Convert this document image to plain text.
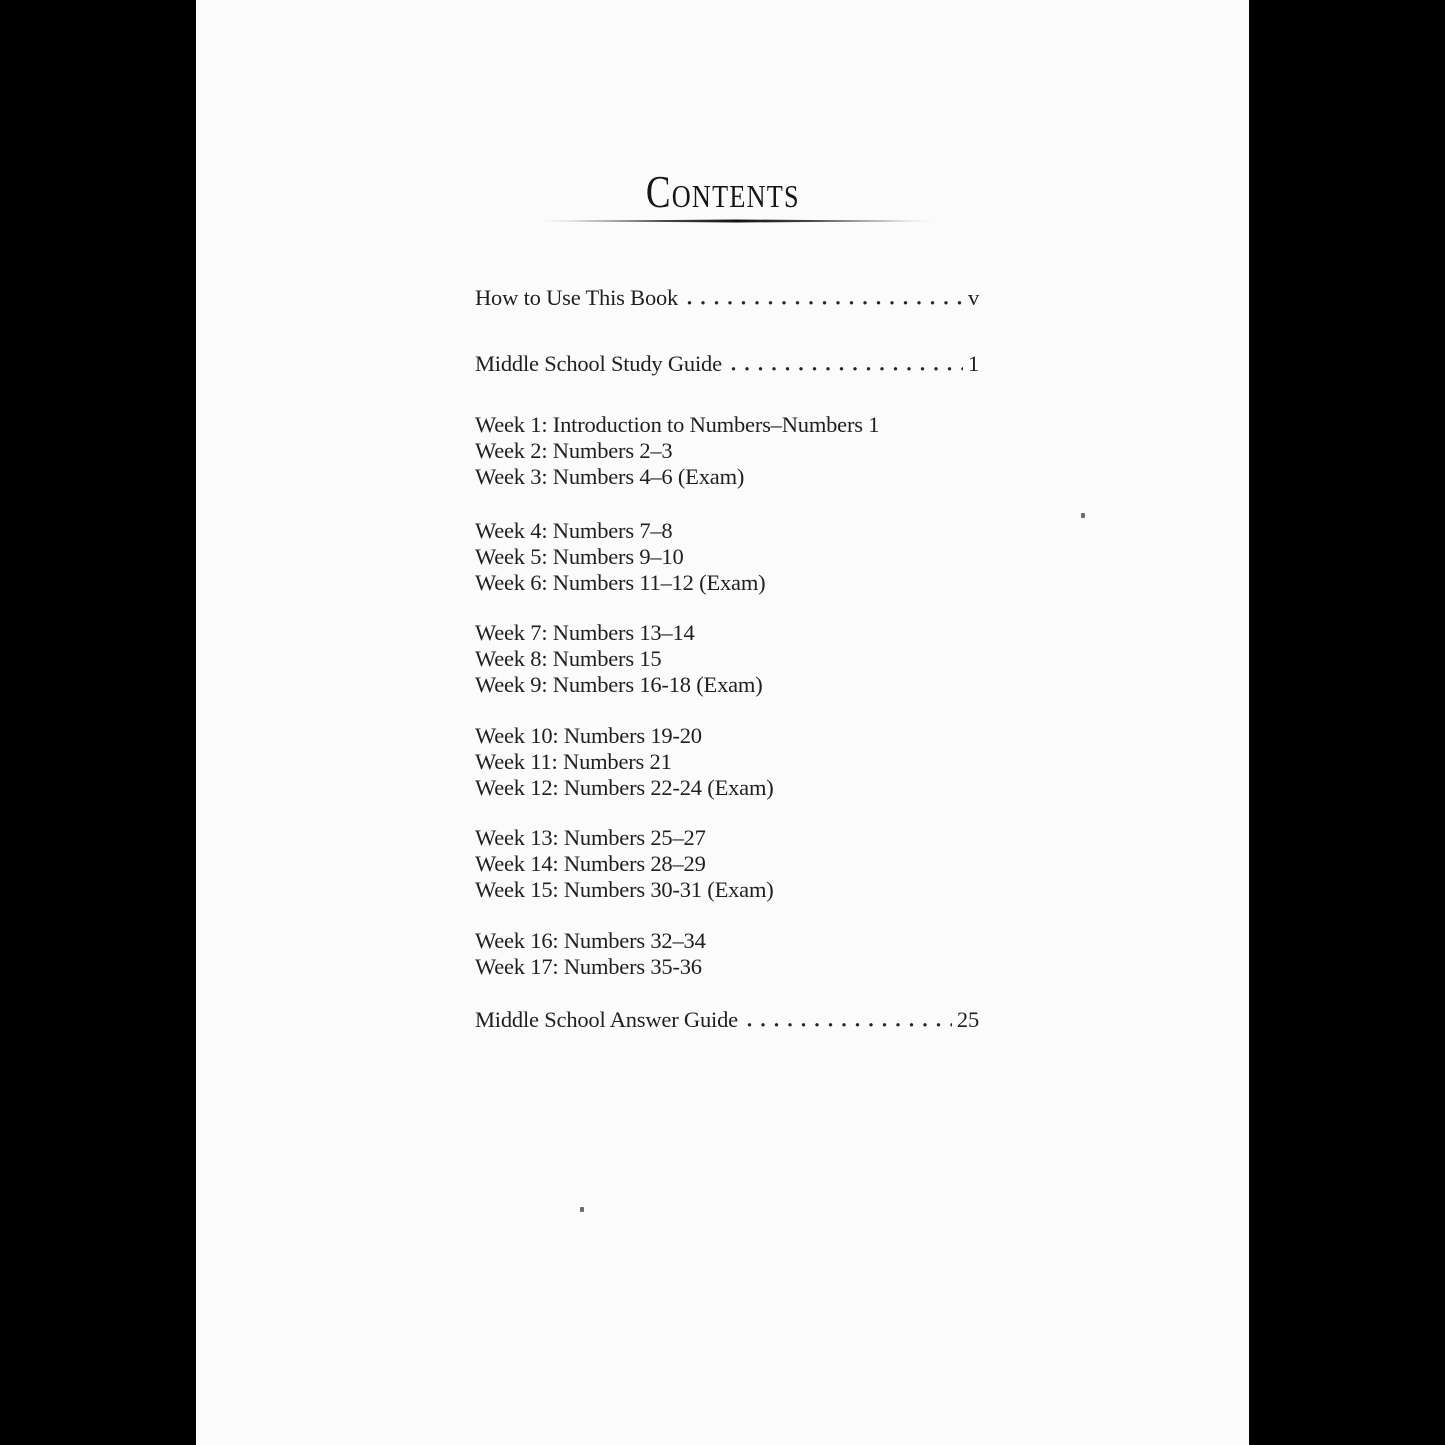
Contents
How to Use This Book	v
Middle School Study Guide	1
Week 1: Introduction to Numbers–Numbers 1
Week 2: Numbers 2–3
Week 3: Numbers 4–6 (Exam)
Week 4: Numbers 7–8
Week 5: Numbers 9–10
Week 6: Numbers 11–12 (Exam)
Week 7: Numbers 13–14
Week 8: Numbers 15
Week 9: Numbers 16-18 (Exam)
Week 10: Numbers 19-20
Week 11: Numbers 21
Week 12: Numbers 22-24 (Exam)
Week 13: Numbers 25–27
Week 14: Numbers 28–29
Week 15: Numbers 30-31 (Exam)
Week 16: Numbers 32–34
Week 17: Numbers 35-36
Middle School Answer Guide	25
